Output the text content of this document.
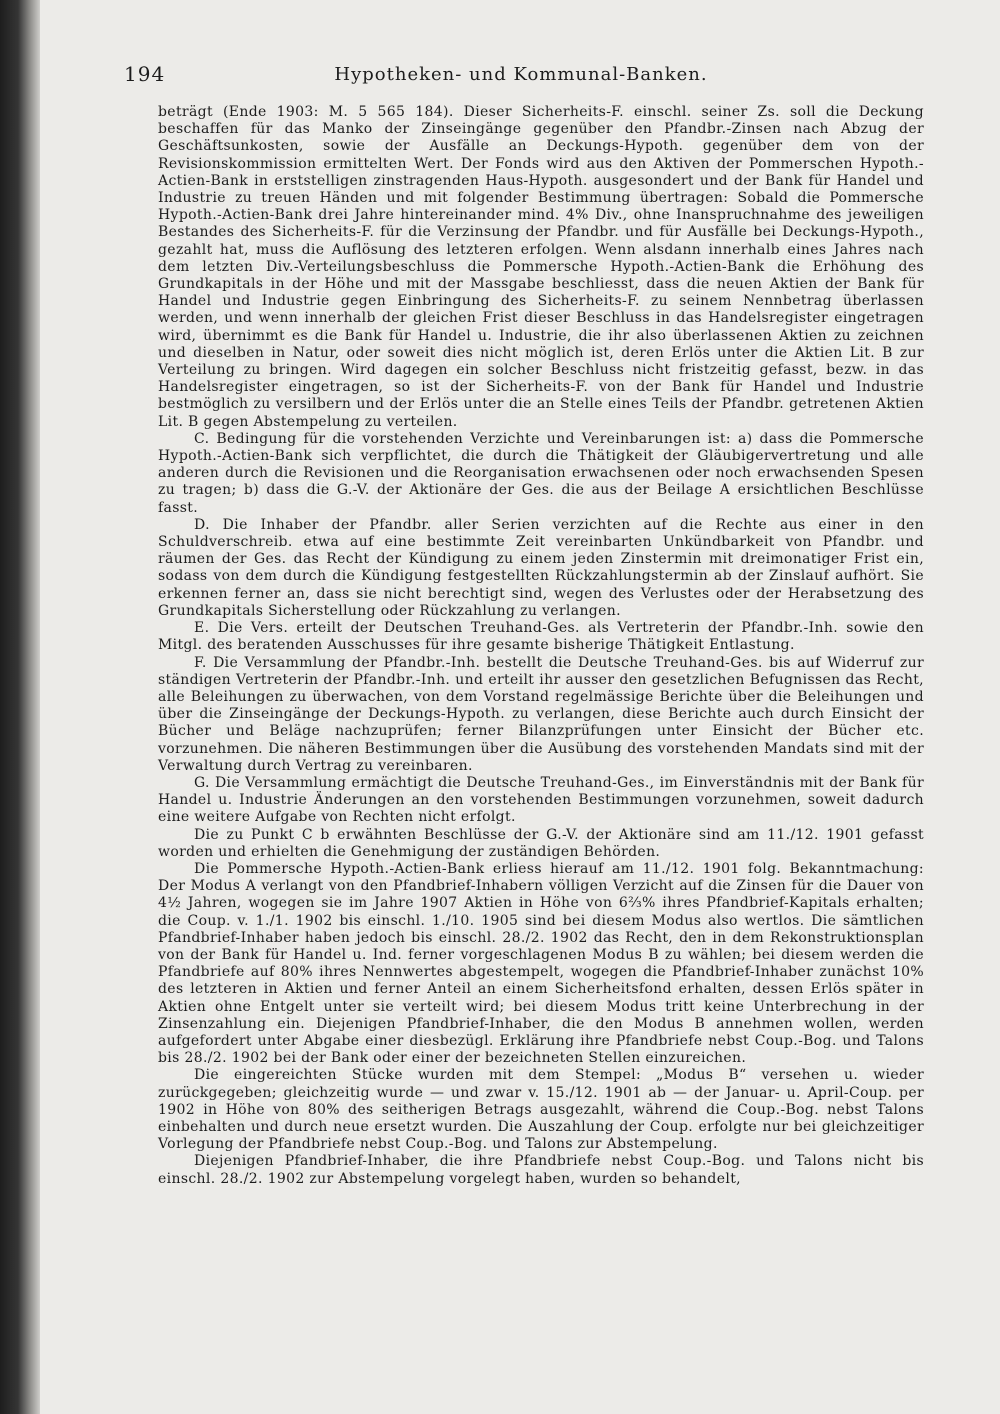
194	Hypotheken- und Kommunal-Banken.

beträgt (Ende 1903: M. 5 565 184). Dieser Sicherheits-F. einschl. seiner Zs. soll die Deckung beschaffen für das Manko der Zinseingänge gegenüber den Pfandbr.-Zinsen nach Abzug der Geschäftsunkosten, sowie der Ausfälle an Deckungs-Hypoth. gegenüber dem von der Revisionskommission ermittelten Wert. Der Fonds wird aus den Aktiven der Pommerschen Hypoth.-Actien-Bank in erststelligen zinstragenden Haus-Hypoth. ausgesondert und der Bank für Handel und Industrie zu treuen Händen und mit folgender Bestimmung übertragen: Sobald die Pommersche Hypoth.-Actien-Bank drei Jahre hintereinander mind. 4% Div., ohne Inanspruchnahme des jeweiligen Bestandes des Sicherheits-F. für die Verzinsung der Pfandbr. und für Ausfälle bei Deckungs-Hypoth., gezahlt hat, muss die Auflösung des letzteren erfolgen. Wenn alsdann innerhalb eines Jahres nach dem letzten Div.-Verteilungsbeschluss die Pommersche Hypoth.-Actien-Bank die Erhöhung des Grundkapitals in der Höhe und mit der Massgabe beschliesst, dass die neuen Aktien der Bank für Handel und Industrie gegen Einbringung des Sicherheits-F. zu seinem Nennbetrag überlassen werden, und wenn innerhalb der gleichen Frist dieser Beschluss in das Handelsregister eingetragen wird, übernimmt es die Bank für Handel u. Industrie, die ihr also überlassenen Aktien zu zeichnen und dieselben in Natur, oder soweit dies nicht möglich ist, deren Erlös unter die Aktien Lit. B zur Verteilung zu bringen. Wird dagegen ein solcher Beschluss nicht fristzeitig gefasst, bezw. in das Handelsregister eingetragen, so ist der Sicherheits-F. von der Bank für Handel und Industrie bestmöglich zu versilbern und der Erlös unter die an Stelle eines Teils der Pfandbr. getretenen Aktien Lit. B gegen Abstempelung zu verteilen.

C. Bedingung für die vorstehenden Verzichte und Vereinbarungen ist: a) dass die Pommersche Hypoth.-Actien-Bank sich verpflichtet, die durch die Thätigkeit der Gläubigervertretung und alle anderen durch die Revisionen und die Reorganisation erwachsenen oder noch erwachsenden Spesen zu tragen; b) dass die G.-V. der Aktionäre der Ges. die aus der Beilage A ersichtlichen Beschlüsse fasst.

D. Die Inhaber der Pfandbr. aller Serien verzichten auf die Rechte aus einer in den Schuldverschreib. etwa auf eine bestimmte Zeit vereinbarten Unkündbarkeit von Pfandbr. und räumen der Ges. das Recht der Kündigung zu einem jeden Zinstermin mit dreimonatiger Frist ein, sodass von dem durch die Kündigung festgestellten Rückzahlungstermin ab der Zinslauf aufhört. Sie erkennen ferner an, dass sie nicht berechtigt sind, wegen des Verlustes oder der Herabsetzung des Grundkapitals Sicherstellung oder Rückzahlung zu verlangen.

E. Die Vers. erteilt der Deutschen Treuhand-Ges. als Vertreterin der Pfandbr.-Inh. sowie den Mitgl. des beratenden Ausschusses für ihre gesamte bisherige Thätigkeit Entlastung.

F. Die Versammlung der Pfandbr.-Inh. bestellt die Deutsche Treuhand-Ges. bis auf Widerruf zur ständigen Vertreterin der Pfandbr.-Inh. und erteilt ihr ausser den gesetzlichen Befugnissen das Recht, alle Beleihungen zu überwachen, von dem Vorstand regelmässige Berichte über die Beleihungen und über die Zinseingänge der Deckungs-Hypoth. zu verlangen, diese Berichte auch durch Einsicht der Bücher und Beläge nachzuprüfen; ferner Bilanzprüfungen unter Einsicht der Bücher etc. vorzunehmen. Die näheren Bestimmungen über die Ausübung des vorstehenden Mandats sind mit der Verwaltung durch Vertrag zu vereinbaren.

G. Die Versammlung ermächtigt die Deutsche Treuhand-Ges., im Einverständnis mit der Bank für Handel u. Industrie Änderungen an den vorstehenden Bestimmungen vorzunehmen, soweit dadurch eine weitere Aufgabe von Rechten nicht erfolgt.

Die zu Punkt C b erwähnten Beschlüsse der G.-V. der Aktionäre sind am 11./12. 1901 gefasst worden und erhielten die Genehmigung der zuständigen Behörden.

Die Pommersche Hypoth.-Actien-Bank erliess hierauf am 11./12. 1901 folg. Bekanntmachung: Der Modus A verlangt von den Pfandbrief-Inhabern völligen Verzicht auf die Zinsen für die Dauer von 4½ Jahren, wogegen sie im Jahre 1907 Aktien in Höhe von 6⅔% ihres Pfandbrief-Kapitals erhalten; die Coup. v. 1./1. 1902 bis einschl. 1./10. 1905 sind bei diesem Modus also wertlos. Die sämtlichen Pfandbrief-Inhaber haben jedoch bis einschl. 28./2. 1902 das Recht, den in dem Rekonstruktionsplan von der Bank für Handel u. Ind. ferner vorgeschlagenen Modus B zu wählen; bei diesem werden die Pfandbriefe auf 80% ihres Nennwertes abgestempelt, wogegen die Pfandbrief-Inhaber zunächst 10% des letzteren in Aktien und ferner Anteil an einem Sicherheitsfond erhalten, dessen Erlös später in Aktien ohne Entgelt unter sie verteilt wird; bei diesem Modus tritt keine Unterbrechung in der Zinsenzahlung ein. Diejenigen Pfandbrief-Inhaber, die den Modus B annehmen wollen, werden aufgefordert unter Abgabe einer diesbezügl. Erklärung ihre Pfandbriefe nebst Coup.-Bog. und Talons bis 28./2. 1902 bei der Bank oder einer der bezeichneten Stellen einzureichen.

Die eingereichten Stücke wurden mit dem Stempel: „Modus B“ versehen u. wieder zurückgegeben; gleichzeitig wurde — und zwar v. 15./12. 1901 ab — der Januar- u. April-Coup. per 1902 in Höhe von 80% des seitherigen Betrags ausgezahlt, während die Coup.-Bog. nebst Talons einbehalten und durch neue ersetzt wurden. Die Auszahlung der Coup. erfolgte nur bei gleichzeitiger Vorlegung der Pfandbriefe nebst Coup.-Bog. und Talons zur Abstempelung.

Diejenigen Pfandbrief-Inhaber, die ihre Pfandbriefe nebst Coup.-Bog. und Talons nicht bis einschl. 28./2. 1902 zur Abstempelung vorgelegt haben, wurden so behandelt,
